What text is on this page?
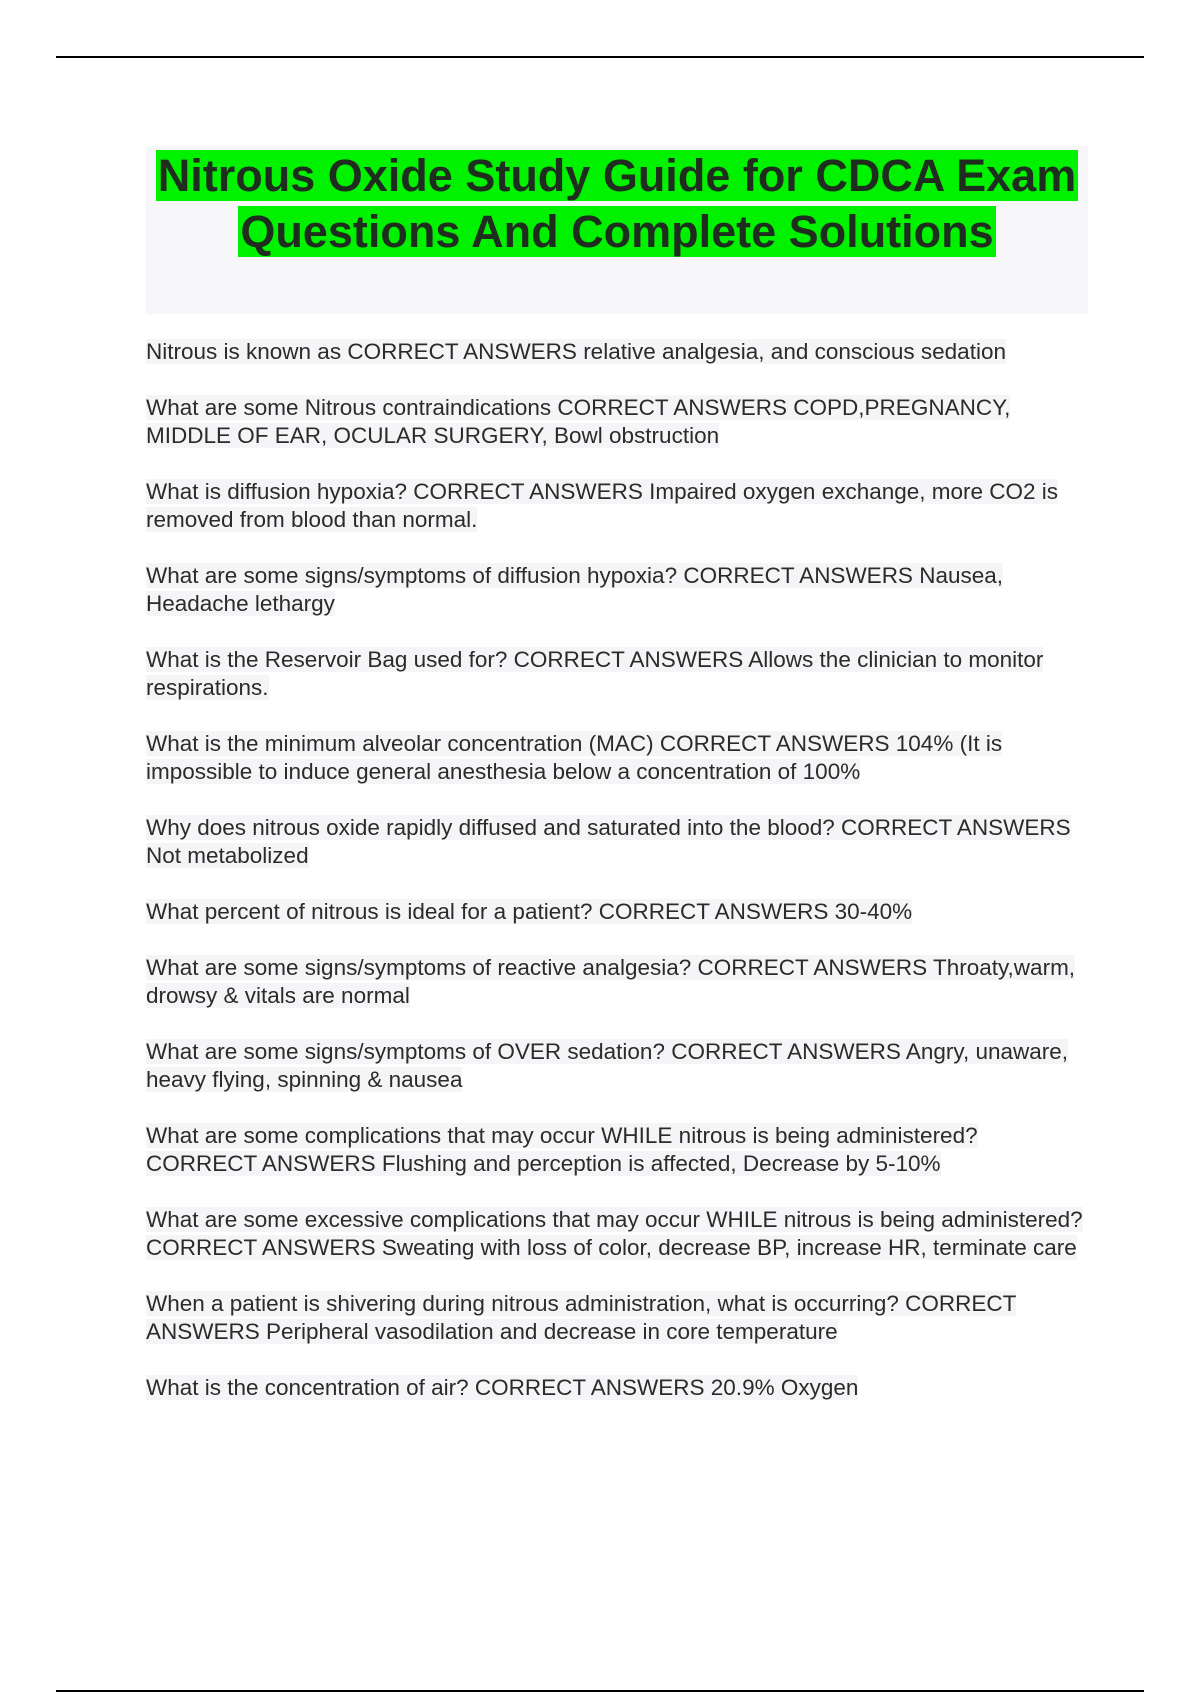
Nitrous Oxide Study Guide for CDCA Exam Questions And Complete Solutions

Nitrous is known as CORRECT ANSWERS relative analgesia, and conscious sedation

What are some Nitrous contraindications CORRECT ANSWERS COPD,PREGNANCY, MIDDLE OF EAR, OCULAR SURGERY, Bowl obstruction

What is diffusion hypoxia? CORRECT ANSWERS Impaired oxygen exchange, more CO2 is removed from blood than normal.

What are some signs/symptoms of diffusion hypoxia? CORRECT ANSWERS Nausea, Headache lethargy

What is the Reservoir Bag used for? CORRECT ANSWERS Allows the clinician to monitor respirations.

What is the minimum alveolar concentration (MAC) CORRECT ANSWERS 104% (It is impossible to induce general anesthesia below a concentration of 100%

Why does nitrous oxide rapidly diffused and saturated into the blood? CORRECT ANSWERS Not metabolized

What percent of nitrous is ideal for a patient? CORRECT ANSWERS 30-40%

What are some signs/symptoms of reactive analgesia? CORRECT ANSWERS Throaty,warm, drowsy & vitals are normal

What are some signs/symptoms of OVER sedation? CORRECT ANSWERS Angry, unaware, heavy flying, spinning & nausea

What are some complications that may occur WHILE nitrous is being administered? CORRECT ANSWERS Flushing and perception is affected, Decrease by 5-10%

What are some excessive complications that may occur WHILE nitrous is being administered? CORRECT ANSWERS Sweating with loss of color, decrease BP, increase HR, terminate care

When a patient is shivering during nitrous administration, what is occurring? CORRECT ANSWERS Peripheral vasodilation and decrease in core temperature

What is the concentration of air? CORRECT ANSWERS 20.9% Oxygen
